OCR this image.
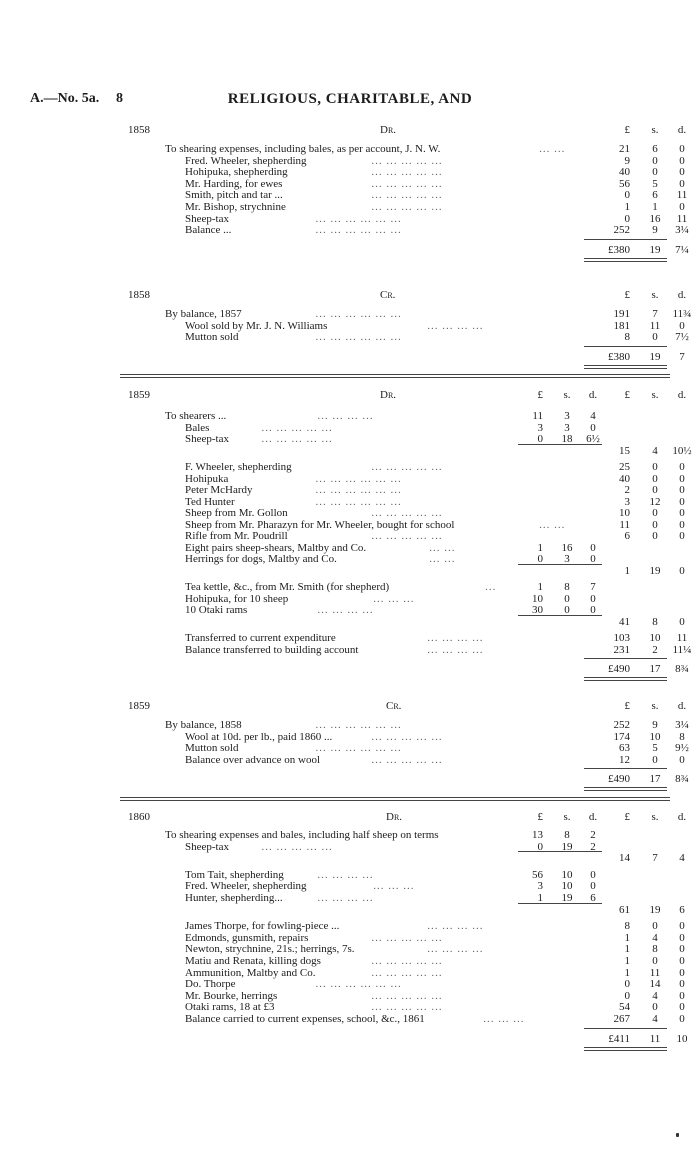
A.—No. 5a. 8	RELIGIOUS, CHARITABLE, AND
1858	Dr.	£	s.	d.
To shearing expenses, including bales, as per account, J. N. W.	... ...	21	6	0
Fred. Wheeler, shepherding	... ... ... ... ...	9	0	0
Hohipuka, shepherding	... ... ... ... ...	40	0	0
Mr. Harding, for ewes	... ... ... ... ...	56	5	0
Smith, pitch and tar ...	... ... ... ... ...	0	6	11
Mr. Bishop, strychnine	... ... ... ... ...	1	1	0
Sheep-tax	... ... ... ... ... ...	0	16	11
Balance ...	... ... ... ... ... ...	252	9	3¼
£380	19	7¼
1858	Cr.	£	s.	d.
By balance, 1857	... ... ... ... ... ...	191	7	11¾
Wool sold by Mr. J. N. Williams	... ... ... ...	181	11	0
Mutton sold	... ... ... ... ... ...	8	0	7½
£380	19	7
1859	Dr.	£	s.	d.
£	s.	d.
To shearers ...	... ... ... ...	11	3	4
Bales	... ... ... ... ...	3	3	0
Sheep-tax	... ... ... ... ...	0	18	6½
15	4	10½
F. Wheeler, shepherding	... ... ... ... ...	25	0	0
Hohipuka	... ... ... ... ... ...	40	0	0
Peter McHardy	... ... ... ... ... ...	2	0	0
Ted Hunter	... ... ... ... ... ...	3	12	0
Sheep from Mr. Gollon	... ... ... ... ...	10	0	0
Sheep from Mr. Pharazyn for Mr. Wheeler, bought for school	... ...	11	0	0
Rifle from Mr. Poudrill	... ... ... ... ...	6	0	0
Eight pairs sheep-shears, Maltby and Co.	... ...	1	16	0
Herrings for dogs, Maltby and Co.	... ...	0	3	0
1	19	0
Tea kettle, &c., from Mr. Smith (for shepherd)	...	1	8	7
Hohipuka, for 10 sheep	... ... ...	10	0	0
10 Otaki rams	... ... ... ...	30	0	0
41	8	0
Transferred to current expenditure	... ... ... ...	103	10	11
Balance transferred to building account	... ... ... ...	231	2	11¼
£490	17	8¾
1859	Cr.	£	s.	d.
By balance, 1858	... ... ... ... ... ...	252	9	3¼
Wool at 10d. per lb., paid 1860 ...	... ... ... ... ...	174	10	8
Mutton sold	... ... ... ... ... ...	63	5	9½
Balance over advance on wool	... ... ... ... ...	12	0	0
£490	17	8¾
1860	Dr.	£	s.	d.
£	s.	d.
To shearing expenses and bales, including half sheep on terms	13	8	2
Sheep-tax	... ... ... ... ...	0	19	2
14	7	4
Tom Tait, shepherding	... ... ... ...	56	10	0
Fred. Wheeler, shepherding	... ... ...	3	10	0
Hunter, shepherding...	... ... ... ...	1	19	6
61	19	6
James Thorpe, for fowling-piece ...	... ... ... ...	8	0	0
Edmonds, gunsmith, repairs	... ... ... ... ...	1	4	0
Newton, strychnine, 21s.; herrings, 7s.	... ... ... ...	1	8	0
Matiu and Renata, killing dogs	... ... ... ... ...	1	0	0
Ammunition, Maltby and Co.	... ... ... ... ...	1	11	0
Do. Thorpe	... ... ... ... ... ...	0	14	0
Mr. Bourke, herrings	... ... ... ... ...	0	4	0
Otaki rams, 18 at £3	... ... ... ... ...	54	0	0
Balance carried to current expenses, school, &c., 1861	... ... ...	267	4	0
£411	11	10
